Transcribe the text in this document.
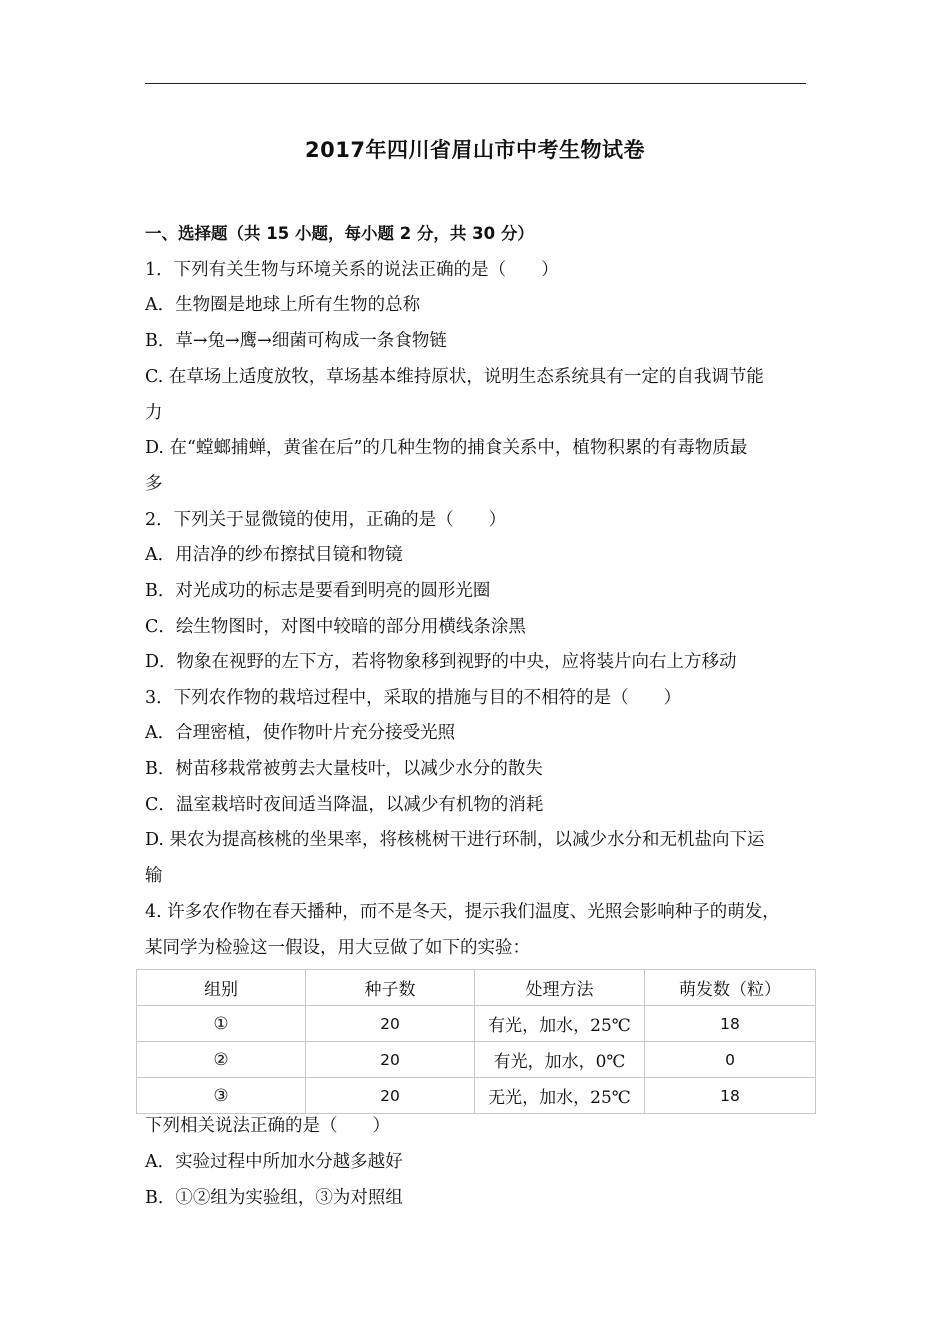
2017年四川省眉山市中考生物试卷
一、选择题（共 15 小题，每小题 2 分，共 30 分）
1．下列有关生物与环境关系的说法正确的是（　　）
A．生物圈是地球上所有生物的总称
B．草→兔→鹰→细菌可构成一条食物链
C. 在草场上适度放牧，草场基本维持原状，说明生态系统具有一定的自我调节能
力
D. 在“螳螂捕蝉，黄雀在后”的几种生物的捕食关系中，植物积累的有毒物质最
多
2．下列关于显微镜的使用，正确的是（　　）
A．用洁净的纱布擦拭目镜和物镜
B．对光成功的标志是要看到明亮的圆形光圈
C．绘生物图时，对图中较暗的部分用横线条涂黑
D．物象在视野的左下方，若将物象移到视野的中央，应将装片向右上方移动
3．下列农作物的栽培过程中，采取的措施与目的不相符的是（　　）
A．合理密植，使作物叶片充分接受光照
B．树苗移栽常被剪去大量枝叶，以减少水分的散失
C．温室栽培时夜间适当降温，以减少有机物的消耗
D. 果农为提高核桃的坐果率，将核桃树干进行环制，以减少水分和无机盐向下运
输
4. 许多农作物在春天播种，而不是冬天，提示我们温度、光照会影响种子的萌发，
某同学为检验这一假设，用大豆做了如下的实验：
组别	种子数	处理方法	萌发数（粒）
①	20	有光，加水，25℃	18
②	20	有光，加水，0℃	0
③	20	无光，加水，25℃	18
下列相关说法正确的是（　　）
A．实验过程中所加水分越多越好
B．①②组为实验组，③为对照组
